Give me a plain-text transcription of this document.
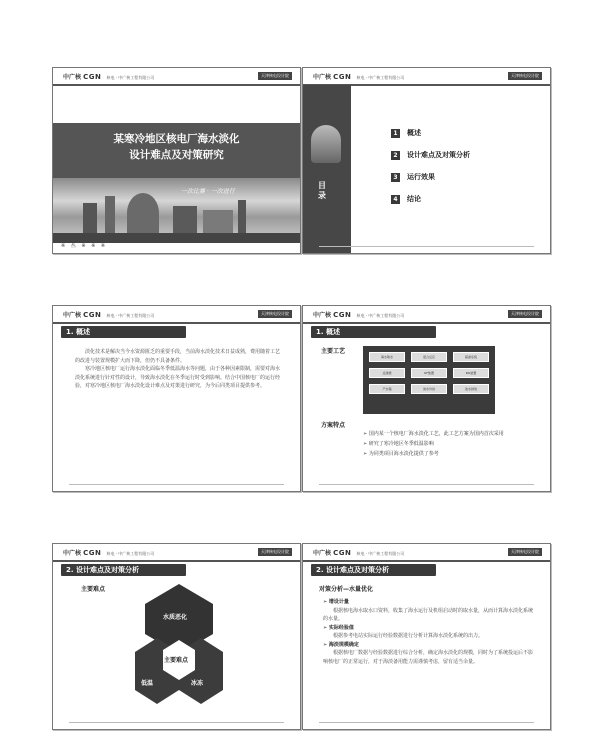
中广核 CGN 核电 · 中广核工程有限公司	天津核电设计院
某寒冷地区核电厂海水淡化
设计难点及对策研究
一次比赛 · 一次进行
※ 丛 ※ ※ ※
中广核 CGN 核电 · 中广核工程有限公司	天津核电设计院
目录
1 概述
2 设计难点及对策分析
3 运行效果
4 结论
中广核 CGN 核电 · 中广核工程有限公司	天津核电设计院
1. 概述

淡化技术是解决当今水资源匮乏的重要手段，当前海水淡化技术日益成熟，费用随着工艺的改进与装置规模扩大而下降，但仍不具备条件。

寒冷地区核电厂运行海水淡化面临冬季低温海水等问题，由于各种因素限制，需要对海水淡化系统进行针对性的设计，导致海水淡化在冬季运行时受到影响。结合中国核电厂的运行经验，对寒冷地区核电厂海水淡化设计难点及对策进行研究，为今后同类项目提供参考。

中广核 CGN 核电 · 中广核工程有限公司	天津核电设计院
1. 概述
主要工艺
海水取水	混合反应	超滤系统
反渗透	UF装置	RO装置
产水箱	淡水外供	浓水排放
方案特点
➢ 国内某一个核电厂海水淡化工艺，此工艺方案为国内首次采用
➢ 研究了寒冷地区冬季低温影响
➢ 为同类项目海水淡化提供了参考
中广核 CGN 核电 · 中广核工程有限公司	天津核电设计院
2. 设计难点及对策分析
主要难点
水质恶化
低温	冰冻
主要难点
中广核 CGN 核电 · 中广核工程有限公司	天津核电设计院
2. 设计难点及对策分析
对策分析—水量优化
➢ 增设计量

根据核电海水取水口资料，收集了海水运行及机组启动时的取水量，从而计算海水淡化系统的水量。

➢ 实际经验值

根据参考电站实际运行经验数据进行分析计算海水淡化系统的出力。

➢ 海淡规模确定

根据核电厂数据与经验数据进行综合分析，确定海水淡化的规模，同时为了系统投运后不影响核电厂的正常运行，对于海淡备用能力需谨慎考虑，留有适当余量。
